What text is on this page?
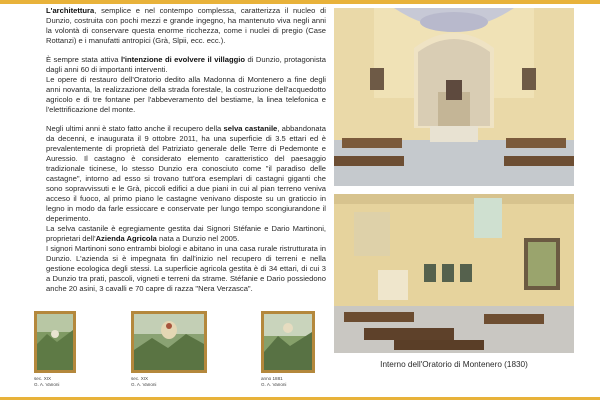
L'architettura, semplice e nel contempo complessa, caratterizza il nucleo di Dunzio, costruita con pochi mezzi e grande ingegno, ha mantenuto viva negli anni la volontà di conservare questa enorme ricchezza, come i nuclei di pregio (Case Rottanzi) e i manufatti antropici (Grà, Slpii, ecc. ecc.).

È sempre stata attiva l'intenzione di evolvere il villaggio di Dunzio, protagonista dagli anni 60 di importanti interventi.
Le opere di restauro dell'Oratorio dedito alla Madonna di Montenero a fine degli anni novanta, la realizzazione della strada forestale, la costruzione dell'acquedotto agricolo e di tre fontane per l'abbeveramento del bestiame, la linea telefonica e l'elettrificazione del monte.

Negli ultimi anni è stato fatto anche il recupero della selva castanile, abbandonata da decenni, e inaugurata il 9 ottobre 2011, ha una superficie di 3.5 ettari ed è prevalentemente di proprietà del Patriziato generale delle Terre di Pedemonte e Auressio. Il castagno è considerato elemento caratteristico del paesaggio tradizionale ticinese, lo stesso Dunzio era conosciuto come "il paradiso delle castagne", intorno ad esso si trovano tutt'ora esemplari di castagni giganti che sono sopravvissuti e le Grà, piccoli edifici a due piani in cui al pian terreno veniva acceso il fuoco, al primo piano le castagne venivano disposte su un graticcio in legno in modo da farle essiccare e conservate per lungo tempo scongiurandone il deperimento.
La selva castanile è egregiamente gestita dai Signori Stéfanie e Dario Martinoni, proprietari dell'Azienda Agricola nata a Dunzio nel 2005.
I signori Martinoni sono entrambi biologi e abitano in una casa rurale ristrutturata in Dunzio. L'azienda si è impegnata fin dall'inizio nel recupero di terreni e nella gestione ecologica degli stessi. La superficie agricola gestita è di 34 ettari, di cui 3 a Dunzio tra prati, pascoli, vigneti e terreni da strame. Stéfanie e Dario possiedono anche 20 asini, 3 cavalli e 70 capre di razza "Nera Verzasca".

sec. XIX
G. A. Vanoni
sec. XIX
G. A. Vanoni
anno 1881
G. A. Vanoni
Interno dell'Oratorio di Montenero (1830)
